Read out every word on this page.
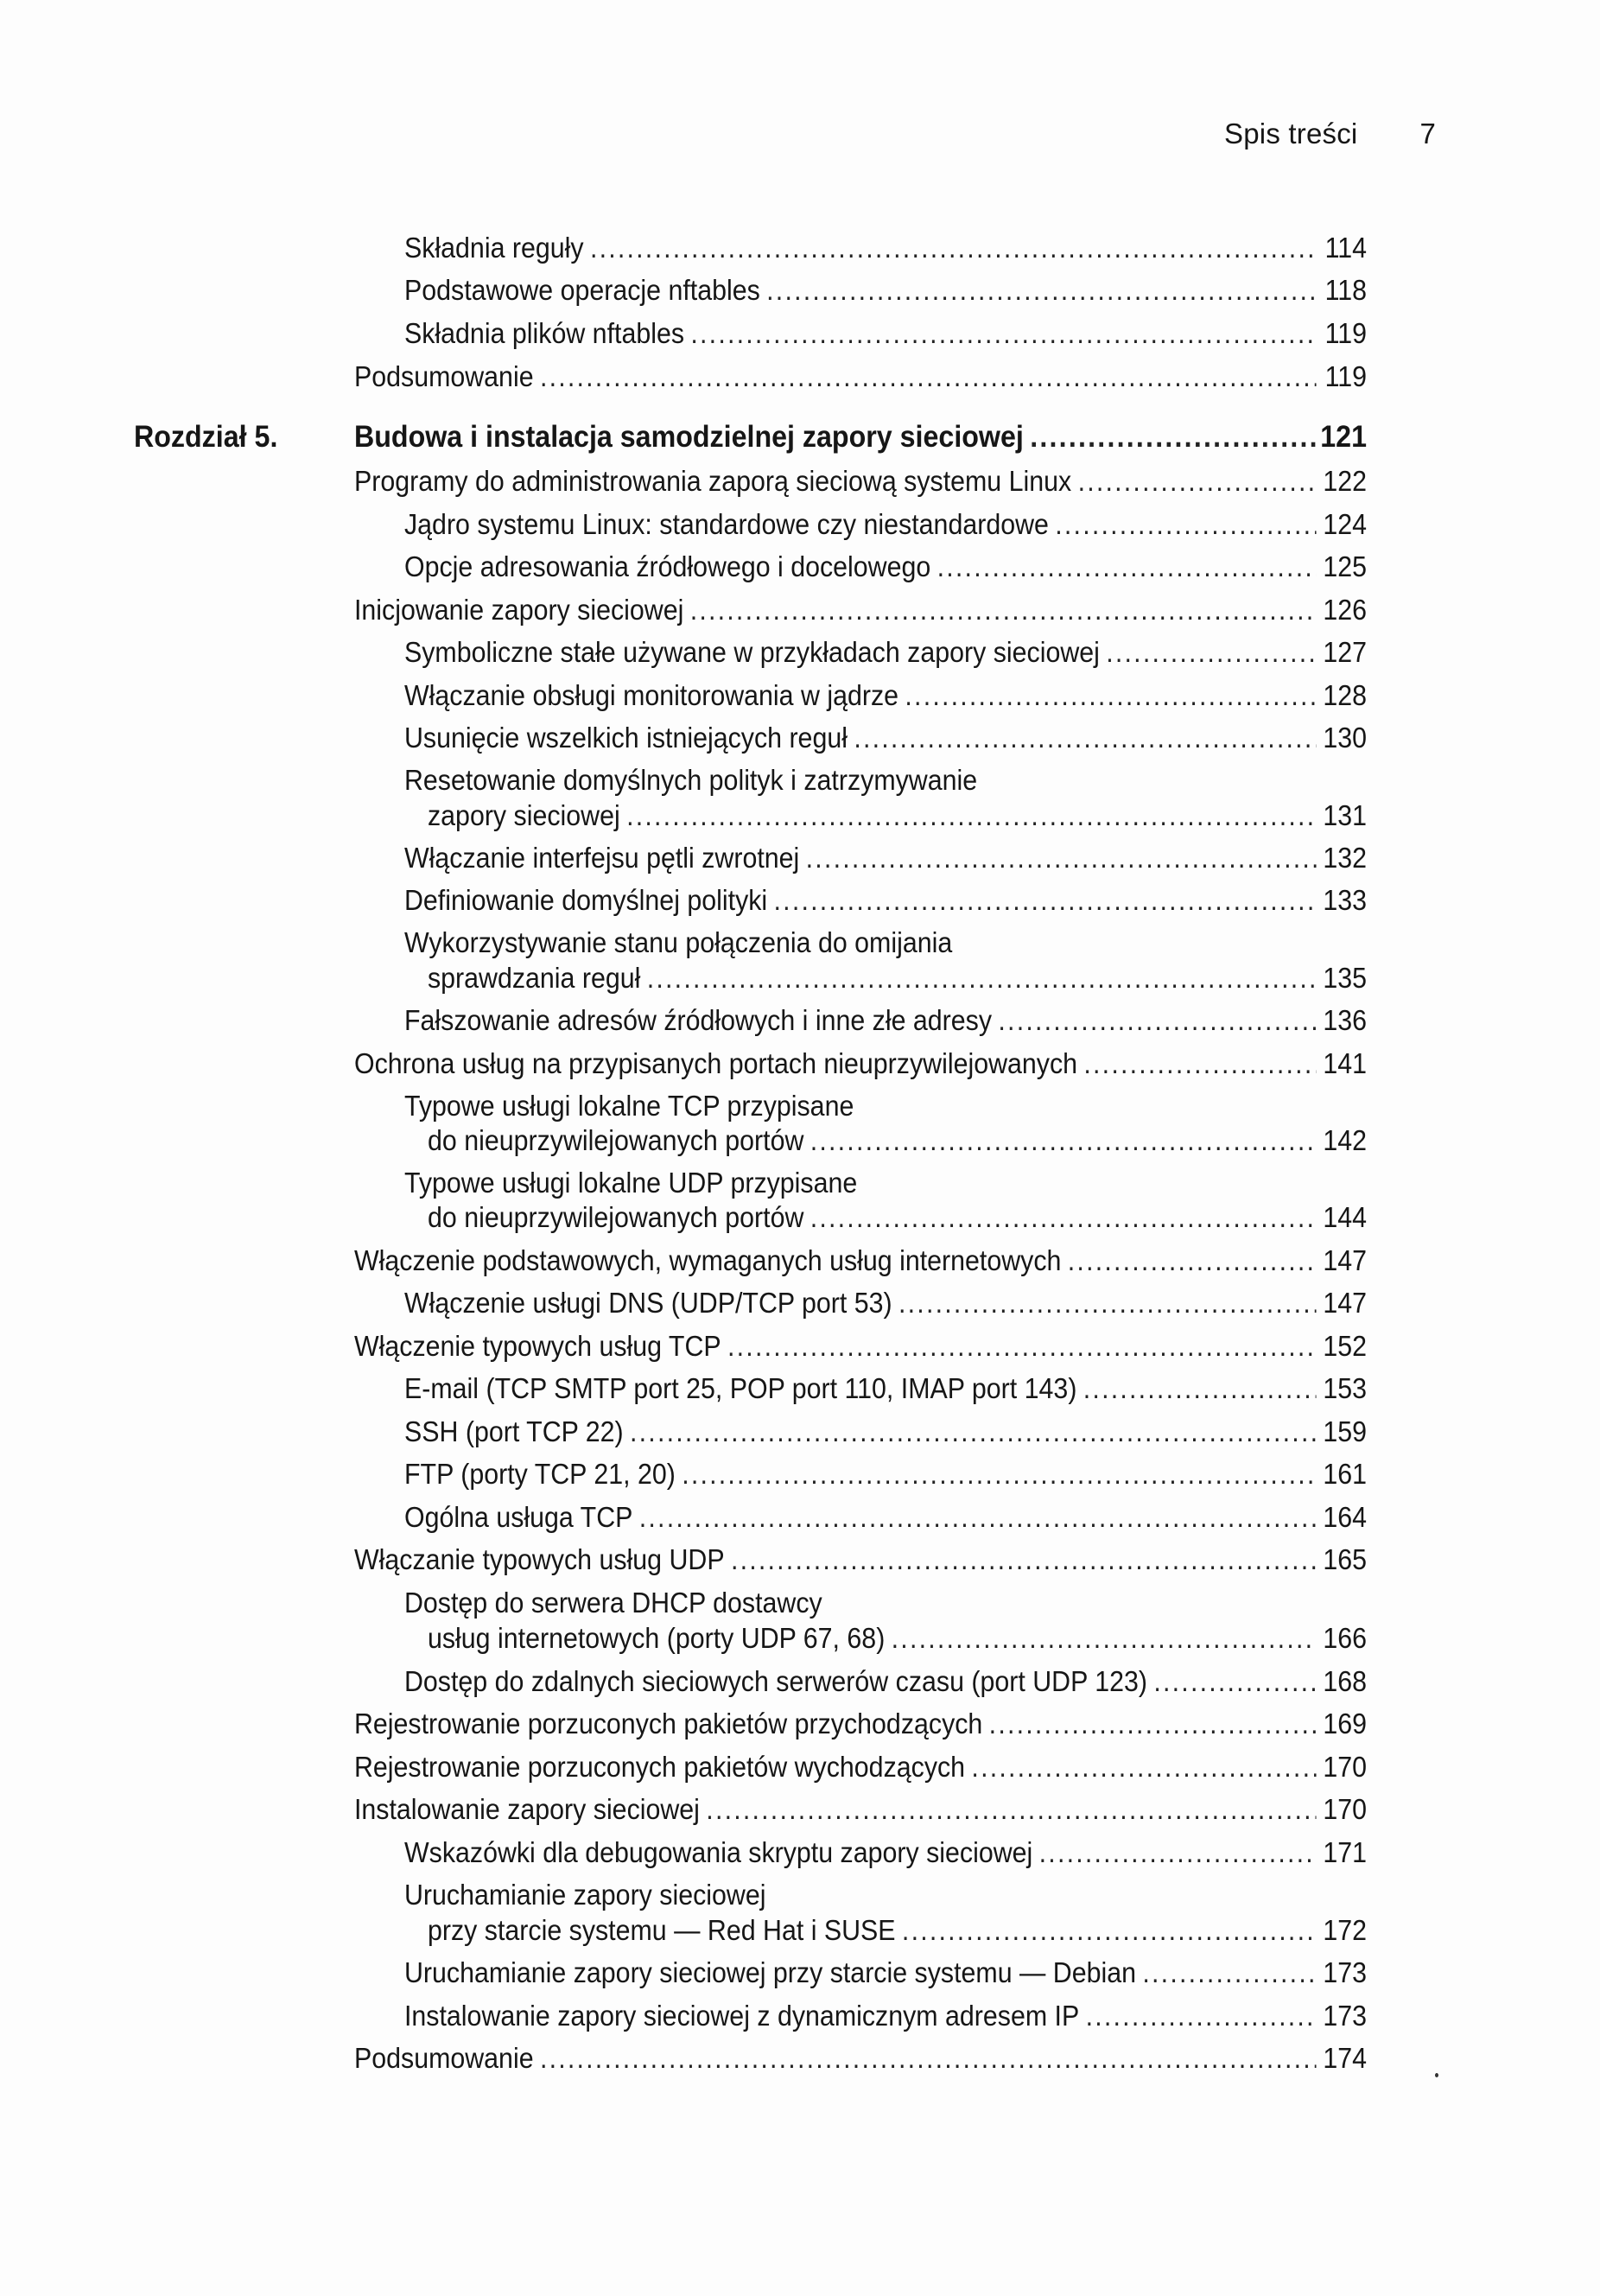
Spis treści 7
Składnia reguły .....	114
Podstawowe operacje nftables .....	118
Składnia plików nftables .....	119
Podsumowanie .....	119
Rozdział 5.	Budowa i instalacja samodzielnej zapory sieciowej .....	121
Programy do administrowania zaporą sieciową systemu Linux .....	122
Jądro systemu Linux: standardowe czy niestandardowe .....	124
Opcje adresowania źródłowego i docelowego .....	125
Inicjowanie zapory sieciowej .....	126
Symboliczne stałe używane w przykładach zapory sieciowej .....	127
Włączanie obsługi monitorowania w jądrze .....	128
Usunięcie wszelkich istniejących reguł .....	130
Resetowanie domyślnych polityk i zatrzymywanie
zapory sieciowej .....	131
Włączanie interfejsu pętli zwrotnej .....	132
Definiowanie domyślnej polityki .....	133
Wykorzystywanie stanu połączenia do omijania
sprawdzania reguł .....	135
Fałszowanie adresów źródłowych i inne złe adresy .....	136
Ochrona usług na przypisanych portach nieuprzywilejowanych .....	141
Typowe usługi lokalne TCP przypisane
do nieuprzywilejowanych portów .....	142
Typowe usługi lokalne UDP przypisane
do nieuprzywilejowanych portów .....	144
Włączenie podstawowych, wymaganych usług internetowych .....	147
Włączenie usługi DNS (UDP/TCP port 53) .....	147
Włączenie typowych usług TCP .....	152
E-mail (TCP SMTP port 25, POP port 110, IMAP port 143) .....	153
SSH (port TCP 22) .....	159
FTP (porty TCP 21, 20) .....	161
Ogólna usługa TCP .....	164
Włączanie typowych usług UDP .....	165
Dostęp do serwera DHCP dostawcy
usług internetowych (porty UDP 67, 68) .....	166
Dostęp do zdalnych sieciowych serwerów czasu (port UDP 123) .....	168
Rejestrowanie porzuconych pakietów przychodzących .....	169
Rejestrowanie porzuconych pakietów wychodzących .....	170
Instalowanie zapory sieciowej .....	170
Wskazówki dla debugowania skryptu zapory sieciowej .....	171
Uruchamianie zapory sieciowej
przy starcie systemu — Red Hat i SUSE .....	172
Uruchamianie zapory sieciowej przy starcie systemu — Debian .....	173
Instalowanie zapory sieciowej z dynamicznym adresem IP .....	173
Podsumowanie .....	174
